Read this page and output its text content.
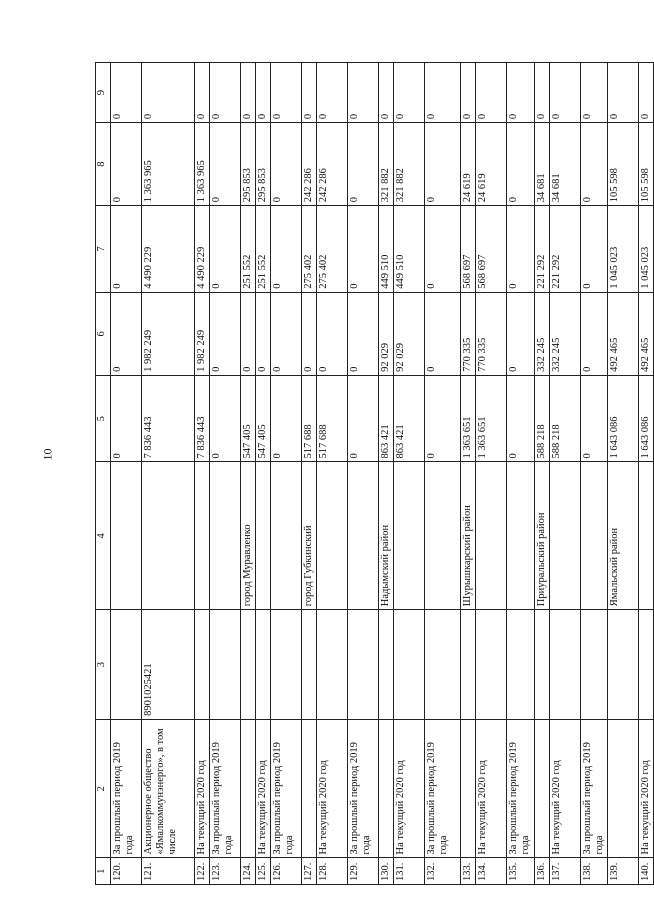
10
1	2	3	4	5	6	7	8	9
120.	За прошлый период 2019 года			0	0	0	0	0
121.	Акционерное общество «Ямалкоммунэнерго», в том числе	8901025421		7 836 443	1 982 249	4 490 229	1 363 965	0
122.	На текущий 2020 год			7 836 443	1 982 249	4 490 229	1 363 965	0
123.	За прошлый период 2019 года			0	0	0	0	0
124.			город Муравленко	547 405	0	251 552	295 853	0
125.	На текущий 2020 год			547 405	0	251 552	295 853	0
126.	За прошлый период 2019 года			0	0	0	0	0
127.			город Губкинский	517 688	0	275 402	242 286	0
128.	На текущий 2020 год			517 688	0	275 402	242 286	0
129.	За прошлый период 2019 года			0	0	0	0	0
130.			Надымский район	863 421	92 029	449 510	321 882	0
131.	На текущий 2020 год			863 421	92 029	449 510	321 882	0
132.	За прошлый период 2019 года			0	0	0	0	0
133.			Шурышкарский район	1 363 651	770 335	568 697	24 619	0
134.	На текущий 2020 год			1 363 651	770 335	568 697	24 619	0
135.	За прошлый период 2019 года			0	0	0	0	0
136.			Приуральский район	588 218	332 245	221 292	34 681	0
137.	На текущий 2020 год			588 218	332 245	221 292	34 681	0
138.	За прошлый период 2019 года			0	0	0	0	0
139.			Ямальский район	1 643 086	492 465	1 045 023	105 598	0
140.	На текущий 2020 год			1 643 086	492 465	1 045 023	105 598	0
